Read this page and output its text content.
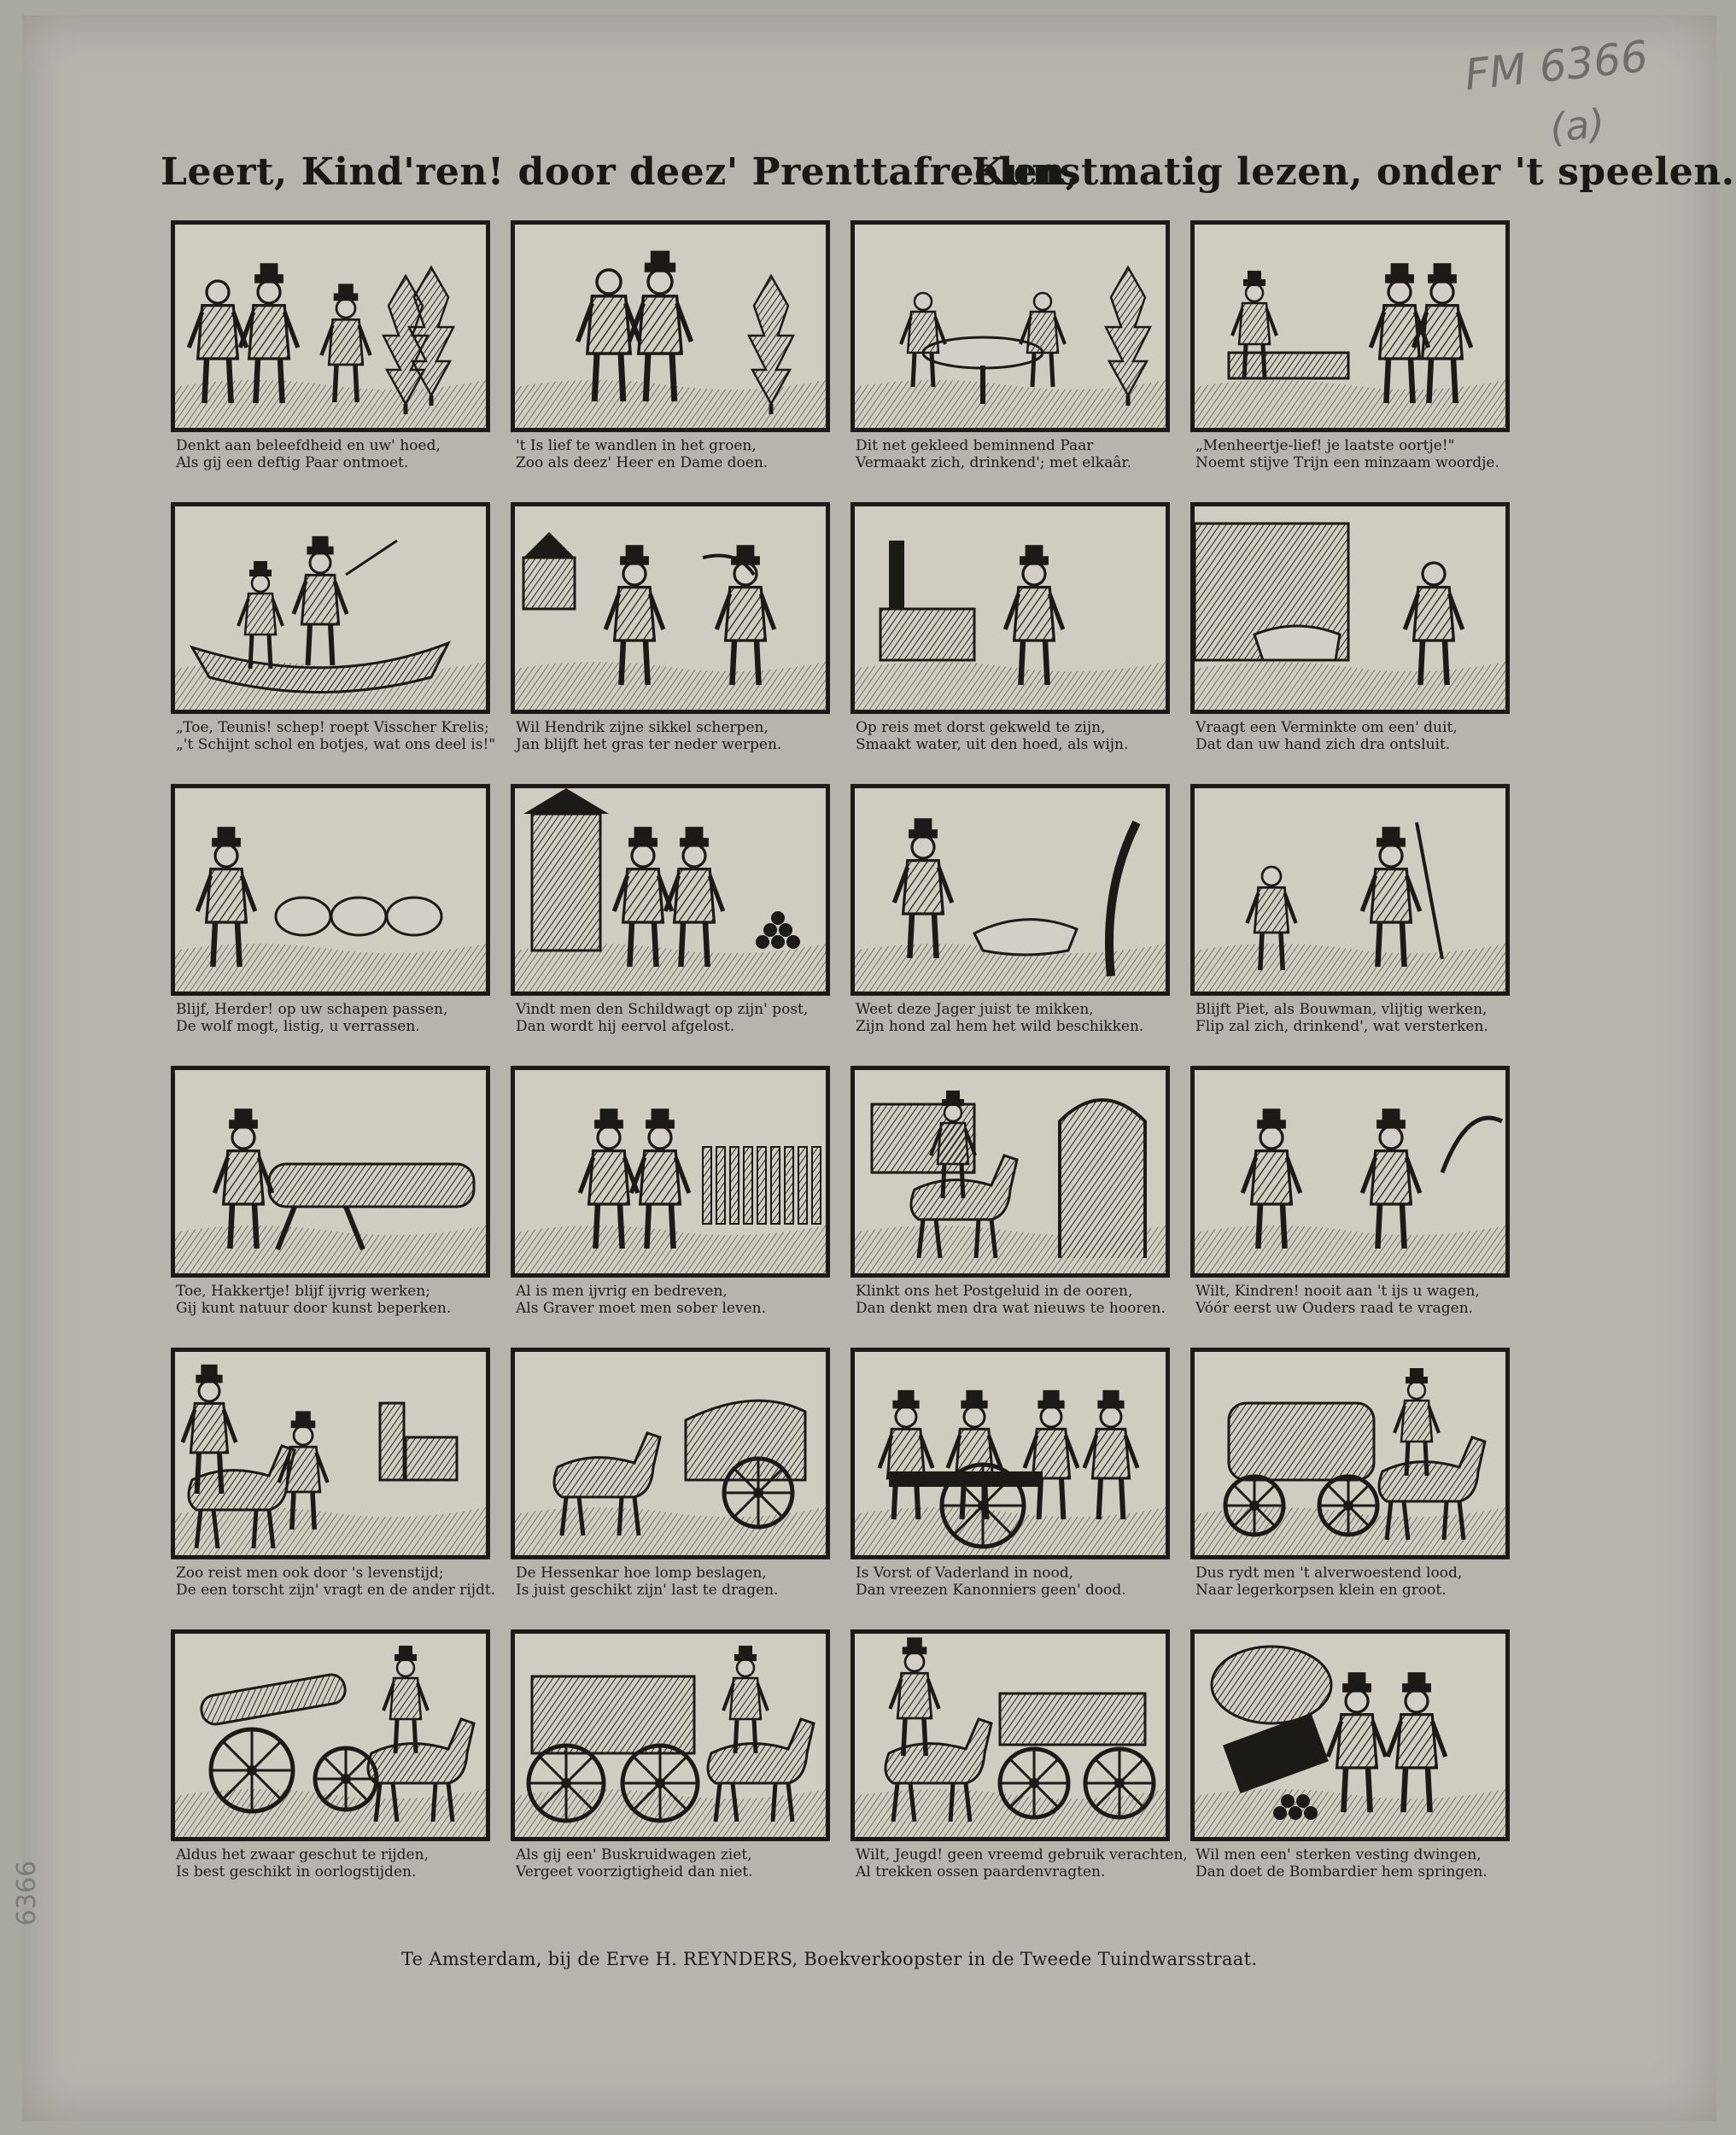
FM 6366
(a)
6366
Leert, Kind'ren! door deez' Prenttafreelen,
Kunstmatig lezen, onder 't speelen.
Denkt aan beleefdheid en uw' hoed,
Als gij een deftig Paar ontmoet.
't Is lief te wandlen in het groen,
Zoo als deez' Heer en Dame doen.
Dit net gekleed beminnend Paar
Vermaakt zich, drinkend'; met elkaâr.
„Menheertje-lief! je laatste oortje!"
Noemt stijve Trijn een minzaam woordje.
„Toe, Teunis! schep! roept Visscher Krelis;
„'t Schijnt schol en botjes, wat ons deel is!"
Wil Hendrik zijne sikkel scherpen,
Jan blijft het gras ter neder werpen.
Op reis met dorst gekweld te zijn,
Smaakt water, uit den hoed, als wijn.
Vraagt een Verminkte om een' duit,
Dat dan uw hand zich dra ontsluit.
Blijf, Herder! op uw schapen passen,
De wolf mogt, listig, u verrassen.
Vindt men den Schildwagt op zijn' post,
Dan wordt hij eervol afgelost.
Weet deze Jager juist te mikken,
Zijn hond zal hem het wild beschikken.
Blijft Piet, als Bouwman, vlijtig werken,
Flip zal zich, drinkend', wat versterken.
Toe, Hakkertje! blijf ijvrig werken;
Gij kunt natuur door kunst beperken.
Al is men ijvrig en bedreven,
Als Graver moet men sober leven.
Klinkt ons het Postgeluid in de ooren,
Dan denkt men dra wat nieuws te hooren.
Wilt, Kindren! nooit aan 't ijs u wagen,
Vóór eerst uw Ouders raad te vragen.
Zoo reist men ook door 's levenstijd;
De een torscht zijn' vragt en de ander rijdt.
De Hessenkar hoe lomp beslagen,
Is juist geschikt zijn' last te dragen.
Is Vorst of Vaderland in nood,
Dan vreezen Kanonniers geen' dood.
Dus rydt men 't alverwoestend lood,
Naar legerkorpsen klein en groot.
Aldus het zwaar geschut te rijden,
Is best geschikt in oorlogstijden.
Als gij een' Buskruidwagen ziet,
Vergeet voorzigtigheid dan niet.
Wilt, Jeugd! geen vreemd gebruik verachten,
Al trekken ossen paardenvragten.
Wil men een' sterken vesting dwingen,
Dan doet de Bombardier hem springen.
Te Amsterdam, bij de Erve H. REYNDERS, Boekverkoopster in de Tweede Tuindwarsstraat.
